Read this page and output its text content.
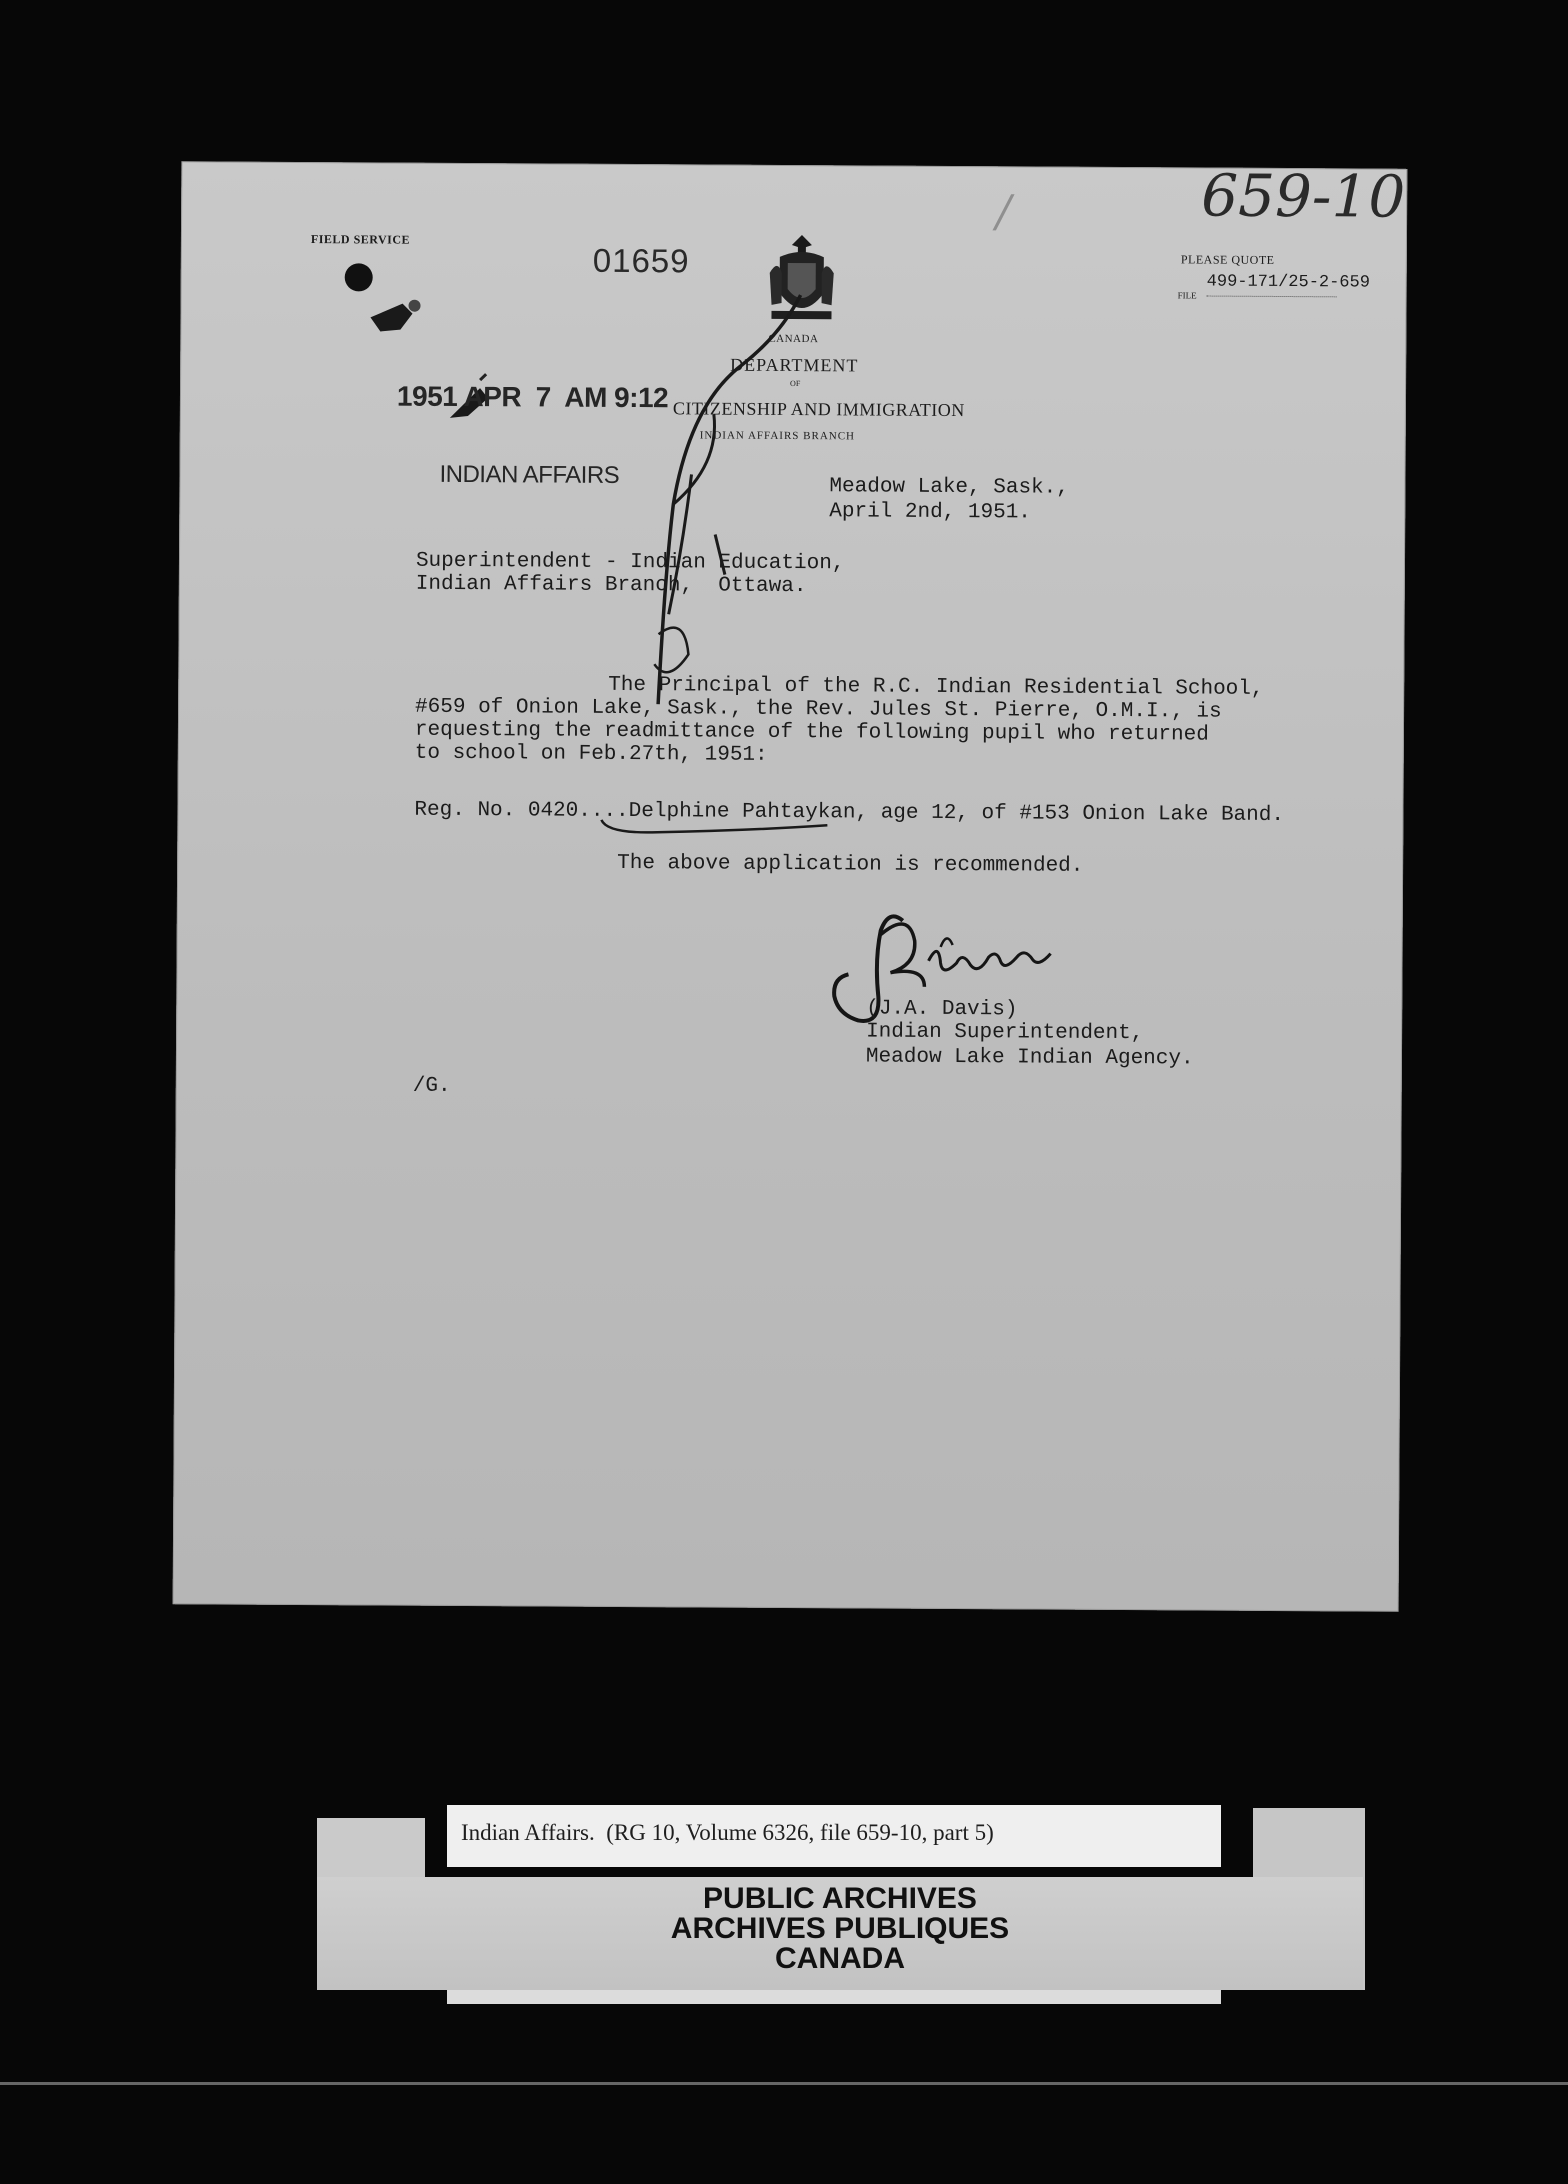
FIELD SERVICE
01659
CANADA
659-10
/
PLEASE QUOTE
FILE
499-171/25-2-659
DEPARTMENT
OF
CITIZENSHIP AND IMMIGRATION
INDIAN AFFAIRS BRANCH
1951 APR  7  AM 9:12
INDIAN AFFAIRS	Meadow Lake, Sask.,
April 2nd, 1951.
Superintendent - Indian Education,
Indian Affairs Branch,  Ottawa.
The Principal of the R.C. Indian Residential School,
#659 of Onion Lake, Sask., the Rev. Jules St. Pierre, O.M.I., is
requesting the readmittance of the following pupil who returned
to school on Feb.27th, 1951:
Reg. No. 0420....Delphine Pahtaykan, age 12, of #153 Onion Lake Band.
The above application is recommended.
(J.A. Davis)
Indian Superintendent,
Meadow Lake Indian Agency.
/G.
Indian Affairs.  (RG 10, Volume 6326, file 659-10, part 5)
PUBLIC ARCHIVES
ARCHIVES PUBLIQUES
CANADA
